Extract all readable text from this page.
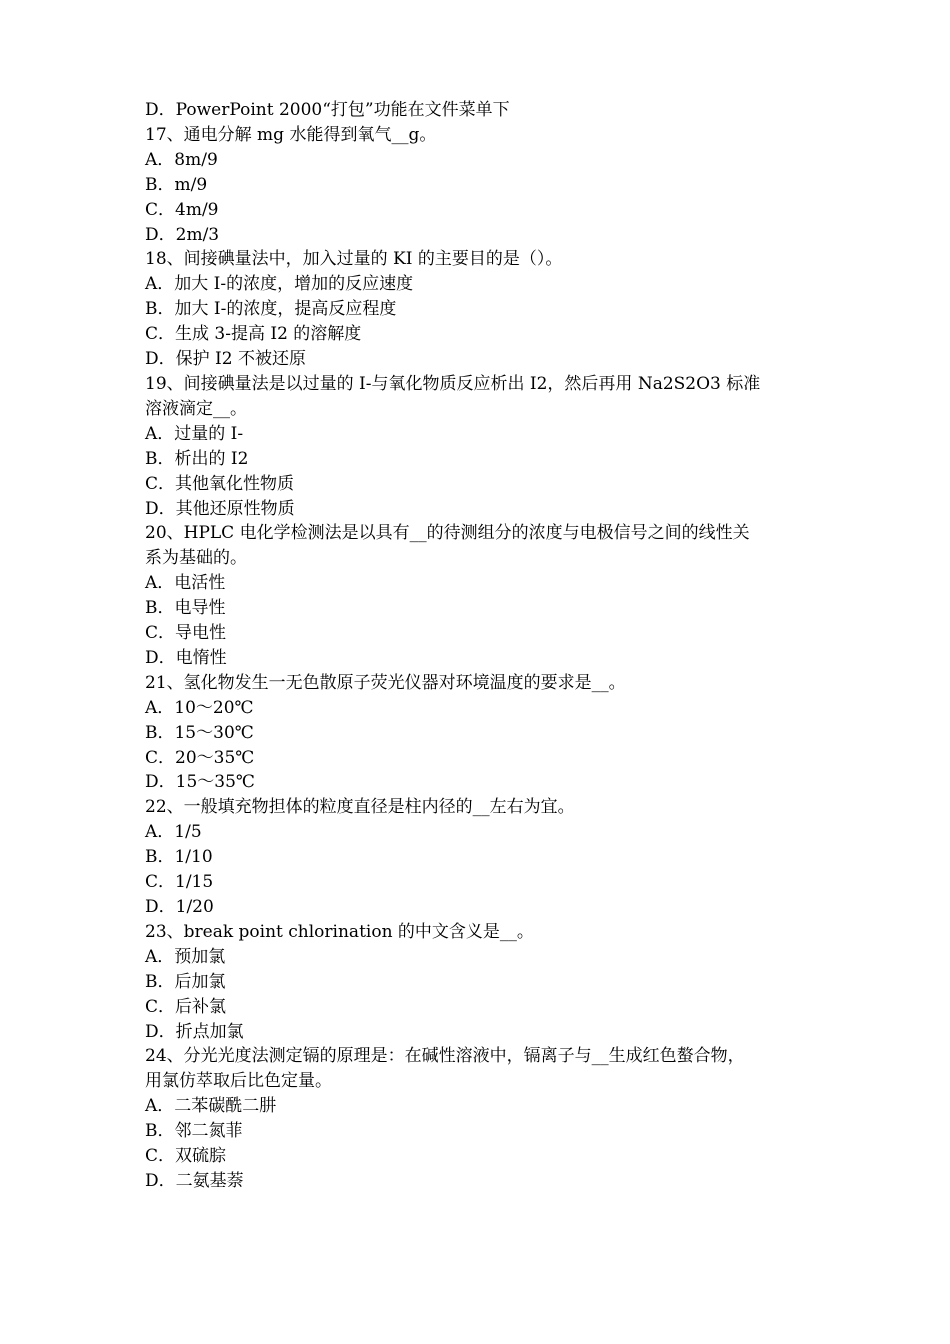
D．PowerPoint 2000“打包”功能在文件菜单下

17、通电分解 mg 水能得到氧气__g。

A．8m/9

B．m/9

C．4m/9

D．2m/3

18、间接碘量法中，加入过量的 KI 的主要目的是（）。

A．加大 I-的浓度，增加的反应速度

B．加大 I-的浓度，提高反应程度

C．生成 3-提高 I2 的溶解度

D．保护 I2 不被还原

19、间接碘量法是以过量的 I-与氧化物质反应析出 I2，然后再用 Na2S2O3 标准

溶液滴定__。

A．过量的 I-

B．析出的 I2

C．其他氧化性物质

D．其他还原性物质

20、HPLC 电化学检测法是以具有__的待测组分的浓度与电极信号之间的线性关

系为基础的。

A．电活性

B．电导性

C．导电性

D．电惰性

21、氢化物发生一无色散原子荧光仪器对环境温度的要求是__。

A．10～20℃

B．15～30℃

C．20～35℃

D．15～35℃

22、一般填充物担体的粒度直径是柱内径的__左右为宜。

A．1/5

B．1/10

C．1/15

D．1/20

23、break point chlorination 的中文含义是__。

A．预加氯

B．后加氯

C．后补氯

D．折点加氯

24、分光光度法测定镉的原理是：在碱性溶液中，镉离子与__生成红色螯合物，

用氯仿萃取后比色定量。

A．二苯碳酰二肼

B．邻二氮菲

C．双硫腙

D．二氨基萘
